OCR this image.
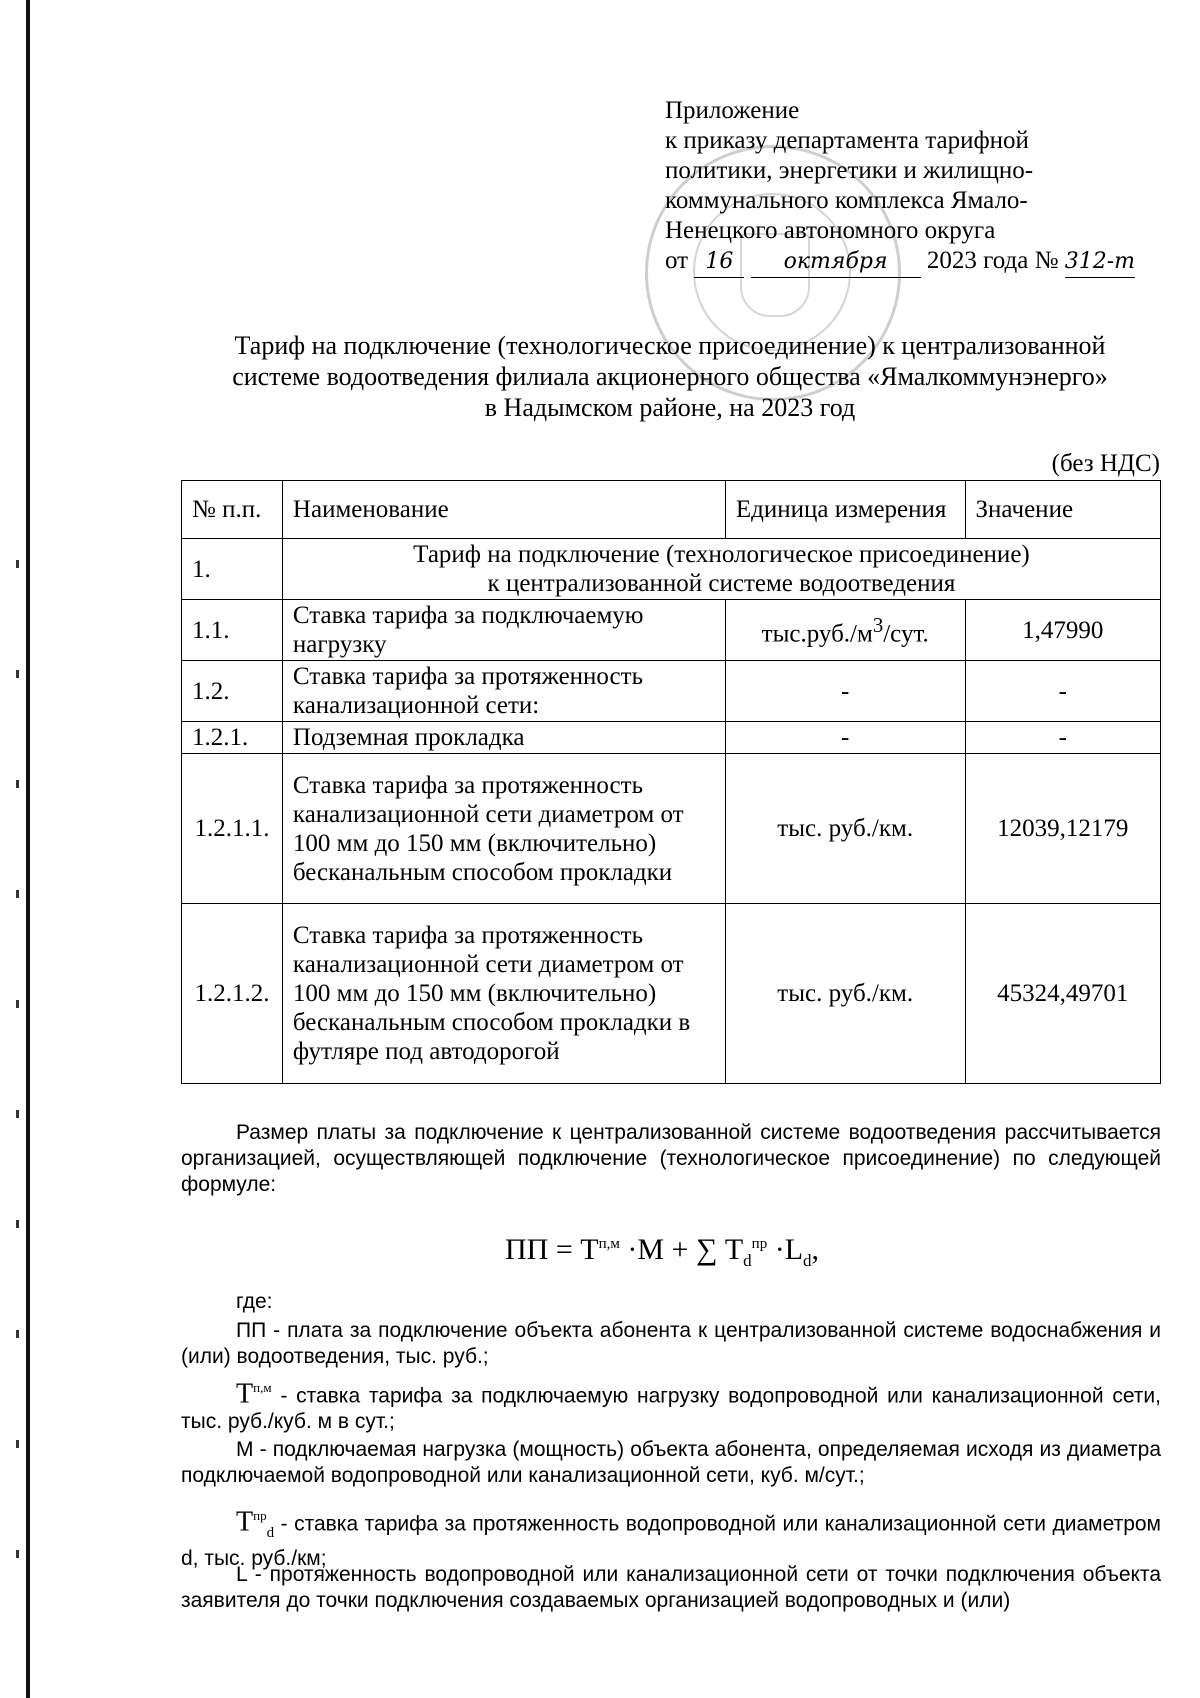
Приложение
к приказу департамента тарифной
политики, энергетики и жилищно-
коммунального комплекса Ямало-
Ненецкого автономного округа
от 16 октября 2023 года № 312-т
Тариф на подключение (технологическое присоединение) к централизованной
системе водоотведения филиала акционерного общества «Ямалкоммунэнерго»
в Надымском районе, на 2023 год
(без НДС)
№ п.п.	Наименование	Единица измерения	Значение
1.	Тариф на подключение (технологическое присоединение)
к централизованной системе водоотведения		

1.1.	Ставка тарифа за подключаемую нагрузку	$тыс.руб./м^3$/сут.	1,47990
1.2.	Ставка тарифа за протяженность канализационной сети:	-	-
1.2.1.	Подземная прокладка	-	-
1.2.1.1.	Ставка тарифа за протяженность канализационной сети диаметром от 100 мм до 150 мм (включительно) бесканальным способом прокладки	тыс. руб./км.	12039,12179
1.2.1.2.	Ставка тарифа за протяженность канализационной сети диаметром от 100 мм до 150 мм (включительно) бесканальным способом прокладки в футляре под автодорогой	тыс. руб./км.	45324,49701

Размер платы за подключение к централизованной системе водоотведения рассчитывается организацией, осуществляющей подключение (технологическое присоединение) по следующей формуле:

ПП = $Т^{п,м} \cdot М$ + ∑ $Т_d^{пр} \cdot L_d$,
где:

ПП - плата за подключение объекта абонента к централизованной системе водоснабжения и (или) водоотведения, тыс. руб.;

$Т^{п,м}$ - ставка тарифа за подключаемую нагрузку водопроводной или канализационной сети, тыс. руб./куб. м в сут.;

М - подключаемая нагрузка (мощность) объекта абонента, определяемая исходя из диаметра подключаемой водопроводной или канализационной сети, куб. м/сут.;

$Т^{пр}_d$ - ставка тарифа за протяженность водопроводной или канализационной сети диаметром d, тыс. руб./км;

L - протяженность водопроводной или канализационной сети от точки подключения объекта заявителя до точки подключения создаваемых организацией водопроводных и (или)
